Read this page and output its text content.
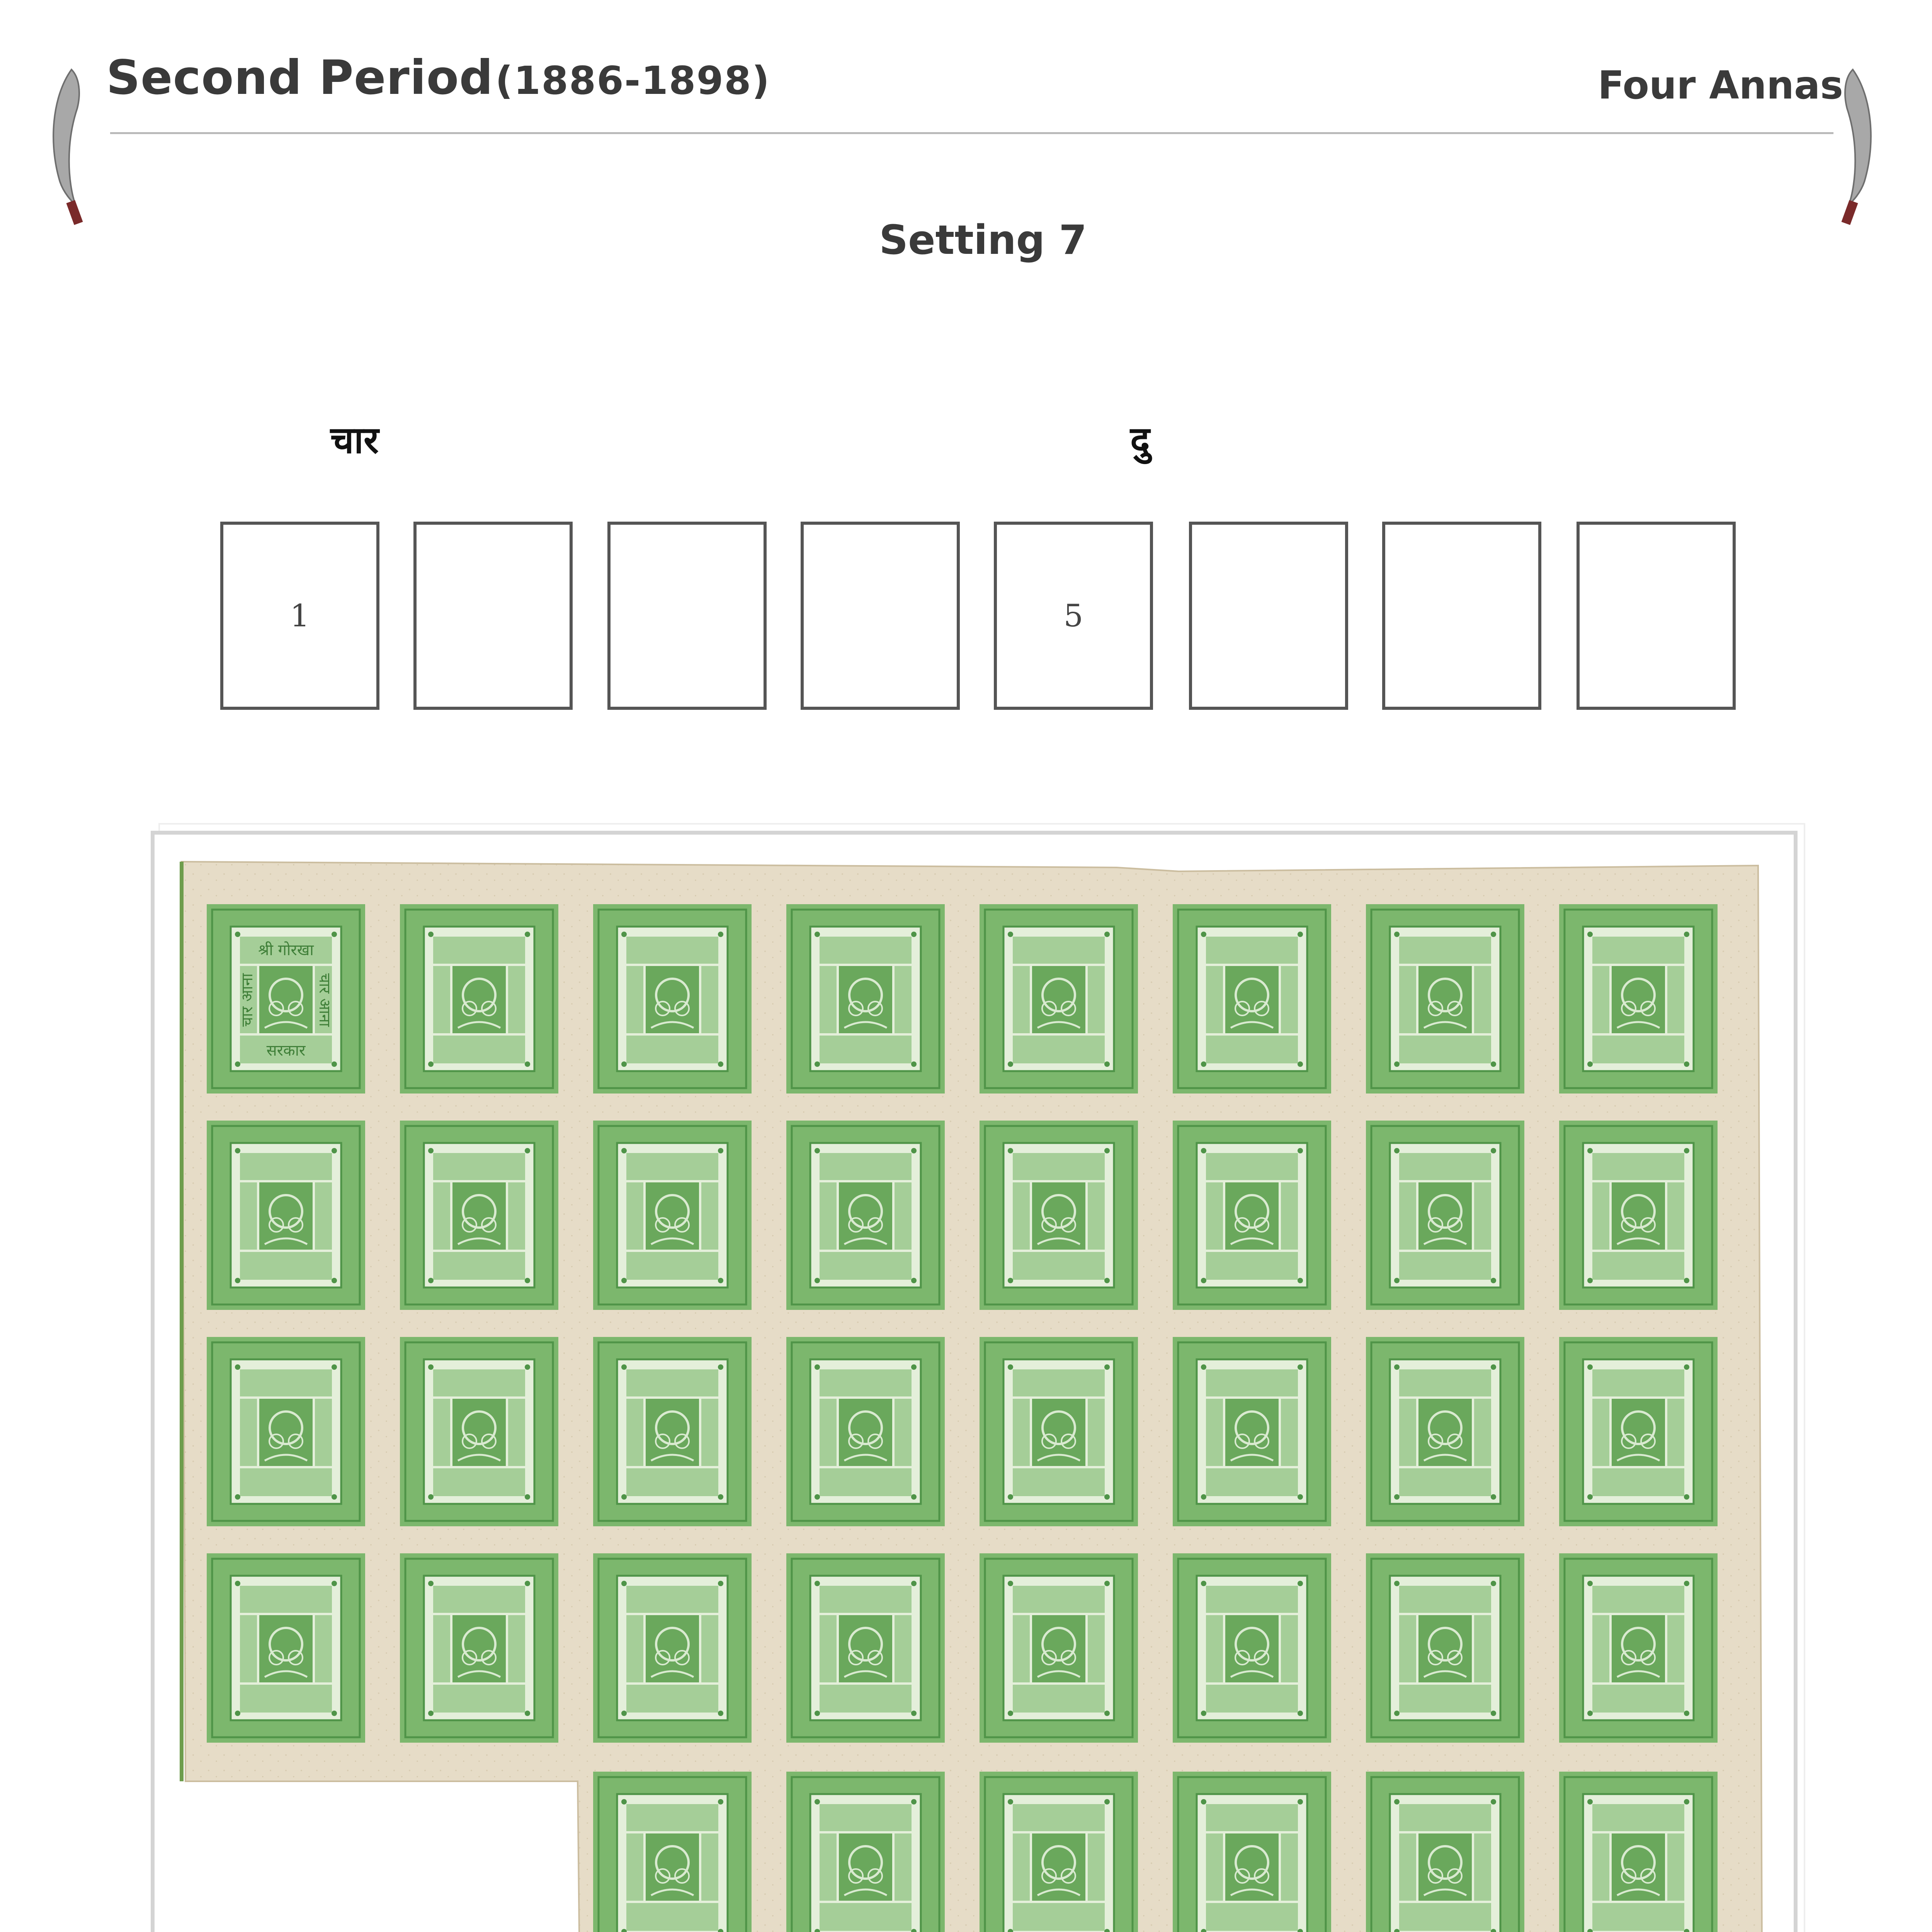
Second Period (1886-1898)	Four Annas
Setting 7
चार	दु
1	5
श्री गोरखा
सरकार
चार आना	चार आना
